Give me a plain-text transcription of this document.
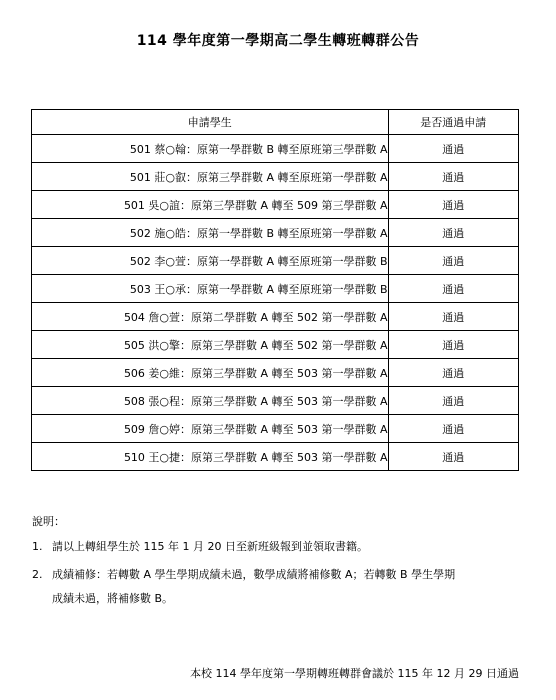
114 學年度第一學期高二學生轉班轉群公告
申請學生	是否通過申請
501 蔡○翰：原第一學群數 B 轉至原班第三學群數 A	通過
501 莊○叡：原第三學群數 A 轉至原班第一學群數 A	通過
501 吳○誼：原第三學群數 A 轉至 509 第三學群數 A	通過
502 施○皓：原第一學群數 B 轉至原班第一學群數 A	通過
502 李○萱：原第一學群數 A 轉至原班第一學群數 B	通過
503 王○承：原第一學群數 A 轉至原班第一學群數 B	通過
504 詹○萱：原第二學群數 A 轉至 502 第一學群數 A	通過
505 洪○擎：原第三學群數 A 轉至 502 第一學群數 A	通過
506 姜○維：原第三學群數 A 轉至 503 第一學群數 A	通過
508 張○程：原第三學群數 A 轉至 503 第一學群數 A	通過
509 詹○婷：原第三學群數 A 轉至 503 第一學群數 A	通過
510 王○捷：原第三學群數 A 轉至 503 第一學群數 A	通過
說明：
1. 請以上轉組學生於 115 年 1 月 20 日至新班級報到並領取書籍。
2. 成績補修：若轉數 A 學生學期成績未過，數學成績將補修數 A；若轉數 B 學生學期
成績未過，將補修數 B。
本校 114 學年度第一學期轉班轉群會議於 115 年 12 月 29 日通過
